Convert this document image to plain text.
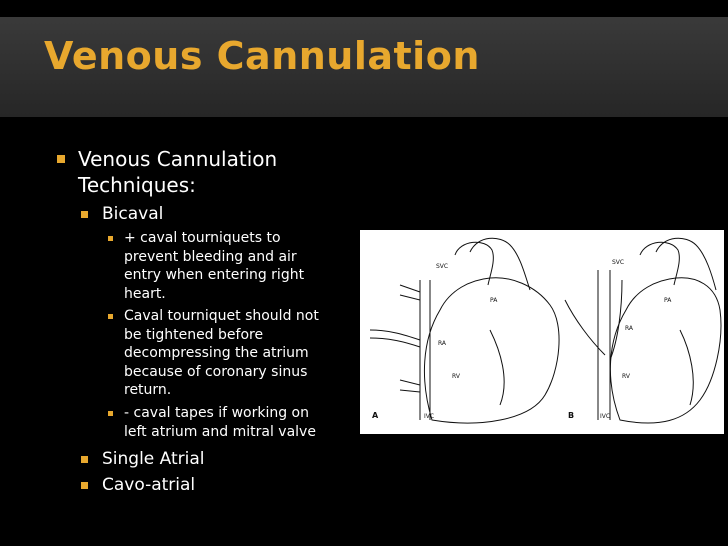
Venous Cannulation
Venous Cannulation
Techniques:
Bicaval
+ caval tourniquets to
prevent bleeding and air
entry when entering right
heart.
Caval tourniquet should not
be tightened before
decompressing the atrium
because of coronary sinus
return.
- caval tapes if working on
left atrium and mitral valve
Single Atrial
Cavo-atrial
SVC
PA
RA
RV
IVC
A
SVC
PA
RA
RV
IVC
B
